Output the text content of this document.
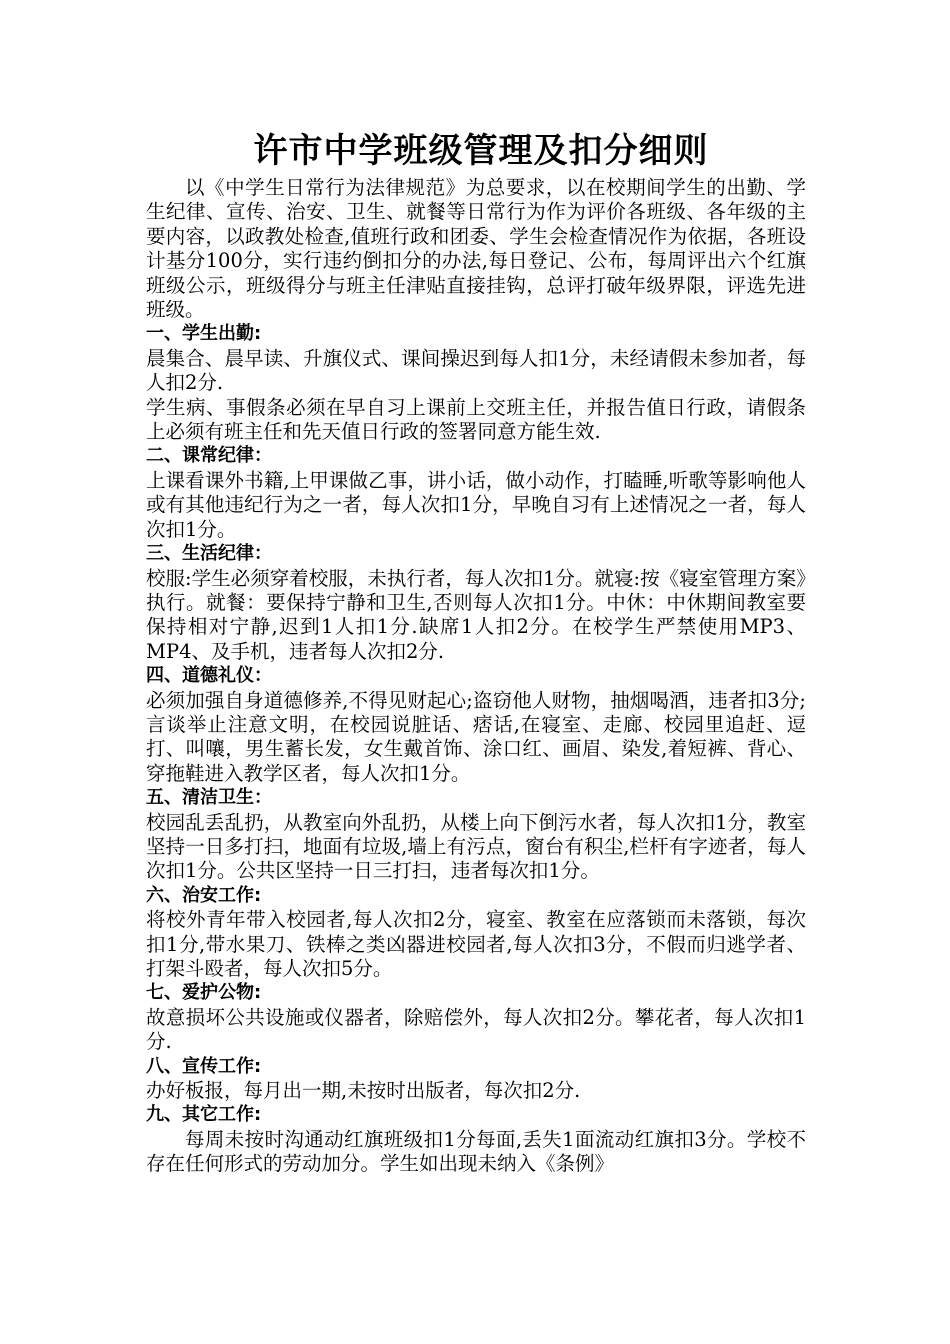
许市中学班级管理及扣分细则

以《中学生日常行为法律规范》为总要求，以在校期间学生的出勤、学生纪律、宣传、治安、卫生、就餐等日常行为作为评价各班级、各年级的主要内容，以政教处检查,值班行政和团委、学生会检查情况作为依据，各班设计基分100分，实行违约倒扣分的办法,每日登记、公布，每周评出六个红旗班级公示，班级得分与班主任津贴直接挂钩，总评打破年级界限，评选先进班级。

一、学生出勤:

晨集合、晨早读、升旗仪式、课间操迟到每人扣1分，未经请假未参加者，每人扣2分.

学生病、事假条必须在早自习上课前上交班主任，并报告值日行政，请假条上必须有班主任和先天值日行政的签署同意方能生效.

二、课常纪律：

上课看课外书籍,上甲课做乙事，讲小话，做小动作，打瞌睡,听歌等影响他人或有其他违纪行为之一者，每人次扣1分，早晚自习有上述情况之一者，每人次扣1分。

三、生活纪律：

校服:学生必须穿着校服，未执行者，每人次扣1分。就寝:按《寝室管理方案》执行。就餐：要保持宁静和卫生,否则每人次扣1分。中休：中休期间教室要保持相对宁静,迟到1人扣1分.缺席1人扣2分。在校学生严禁使用MP3、MP4、及手机，违者每人次扣2分.

四、道德礼仪：

必须加强自身道德修养,不得见财起心;盗窃他人财物，抽烟喝酒，违者扣3分;言谈举止注意文明，在校园说脏话、痞话,在寝室、走廊、校园里追赶、逗打、叫嚷，男生蓄长发，女生戴首饰、涂口红、画眉、染发,着短裤、背心、穿拖鞋进入教学区者，每人次扣1分。

五、清洁卫生：

校园乱丢乱扔，从教室向外乱扔，从楼上向下倒污水者，每人次扣1分，教室坚持一日多打扫，地面有垃圾,墙上有污点，窗台有积尘,栏杆有字迹者，每人次扣1分。公共区坚持一日三打扫，违者每次扣1分。

六、治安工作:

将校外青年带入校园者,每人次扣2分，寝室、教室在应落锁而未落锁，每次扣1分,带水果刀、铁棒之类凶器进校园者,每人次扣3分，不假而归逃学者、打架斗殴者，每人次扣5分。

七、爱护公物:

故意损坏公共设施或仪器者，除赔偿外，每人次扣2分。攀花者，每人次扣1分.

八、宣传工作:

办好板报，每月出一期,未按时出版者，每次扣2分.

九、其它工作:

每周未按时沟通动红旗班级扣1分每面,丢失1面流动红旗扣3分。学校不存在任何形式的劳动加分。学生如出现未纳入《条例》
